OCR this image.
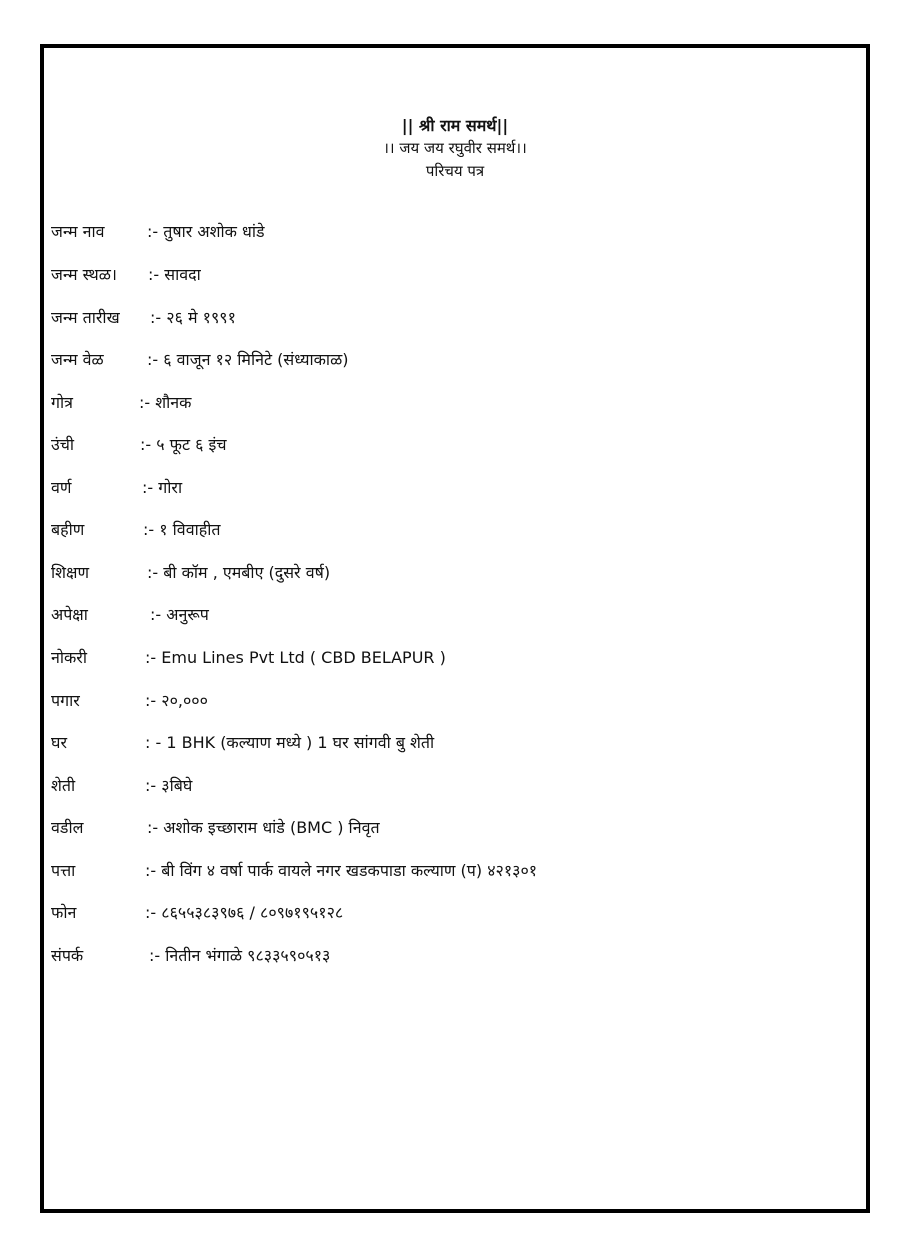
|| श्री राम समर्थ||
।। जय जय रघुवीर समर्थ।।
परिचय पत्र
जन्म नाव	:- तुषार अशोक धांडे
जन्म स्थळ। :- सावदा
जन्म तारीख :- २६ मे १९९१
जन्म वेळ	:- ६ वाजून १२ मिनिटे (संध्याकाळ)
गोत्र	:- शौनक
उंची	:- ५ फूट ६ इंच
वर्ण	:- गोरा
बहीण	:- १ विवाहीत
शिक्षण	:- बी कॉम , एमबीए (दुसरे वर्ष)
अपेक्षा	:- अनुरूप
नोकरी	:- Emu Lines Pvt Ltd ( CBD BELAPUR )
पगार	:- २०,०००
घर	: - 1 BHK (कल्याण मध्ये ) 1 घर सांगवी बु शेती
शेती	:- ३बिघे
वडील	:- अशोक इच्छाराम धांडे (BMC ) निवृत
पत्ता	:- बी विंग ४ वर्षा पार्क वायले नगर खडकपाडा कल्याण (प) ४२१३०१
फोन	:- ८६५५३८३९७६ / ८०९७१९५१२८
संपर्क	:- नितीन भंगाळे ९८३३५९०५१३
